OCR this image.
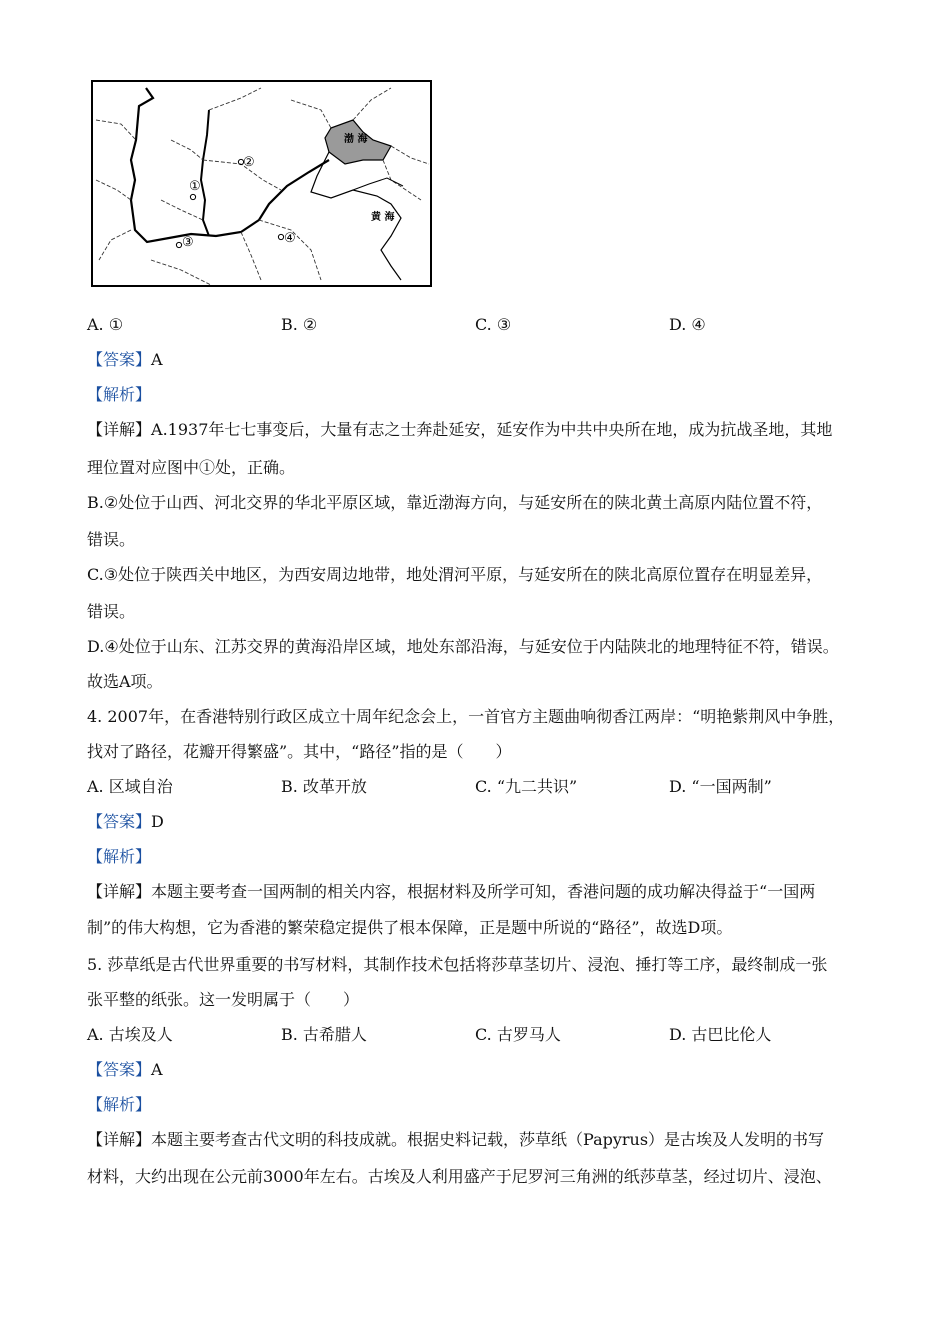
渤 海
黄 海
①
②
③	④
A. ①	B. ②	C. ③	D. ④
【答案】A
【解析】
【详解】A.1937年七七事变后，大量有志之士奔赴延安，延安作为中共中央所在地，成为抗战圣地，其地
理位置对应图中①处，正确。
B.②处位于山西、河北交界的华北平原区域，靠近渤海方向，与延安所在的陕北黄土高原内陆位置不符，
错误。
C.③处位于陕西关中地区，为西安周边地带，地处渭河平原，与延安所在的陕北高原位置存在明显差异，
错误。
D.④处位于山东、江苏交界的黄海沿岸区域，地处东部沿海，与延安位于内陆陕北的地理特征不符，错误。
故选A项。
4. 2007年，在香港特别行政区成立十周年纪念会上，一首官方主题曲响彻香江两岸：“明艳紫荆风中争胜，
找对了路径，花瓣开得繁盛”。其中，“路径”指的是（　　）
A. 区域自治	B. 改革开放	C. “九二共识”	D. “一国两制”
【答案】D
【解析】
【详解】本题主要考查一国两制的相关内容，根据材料及所学可知，香港问题的成功解决得益于“一国两
制”的伟大构想，它为香港的繁荣稳定提供了根本保障，正是题中所说的“路径”，故选D项。
5. 莎草纸是古代世界重要的书写材料，其制作技术包括将莎草茎切片、浸泡、捶打等工序，最终制成一张
张平整的纸张。这一发明属于（　　）
A. 古埃及人	B. 古希腊人	C. 古罗马人	D. 古巴比伦人
【答案】A
【解析】
【详解】本题主要考查古代文明的科技成就。根据史料记载，莎草纸（Papyrus）是古埃及人发明的书写
材料，大约出现在公元前3000年左右。古埃及人利用盛产于尼罗河三角洲的纸莎草茎，经过切片、浸泡、
